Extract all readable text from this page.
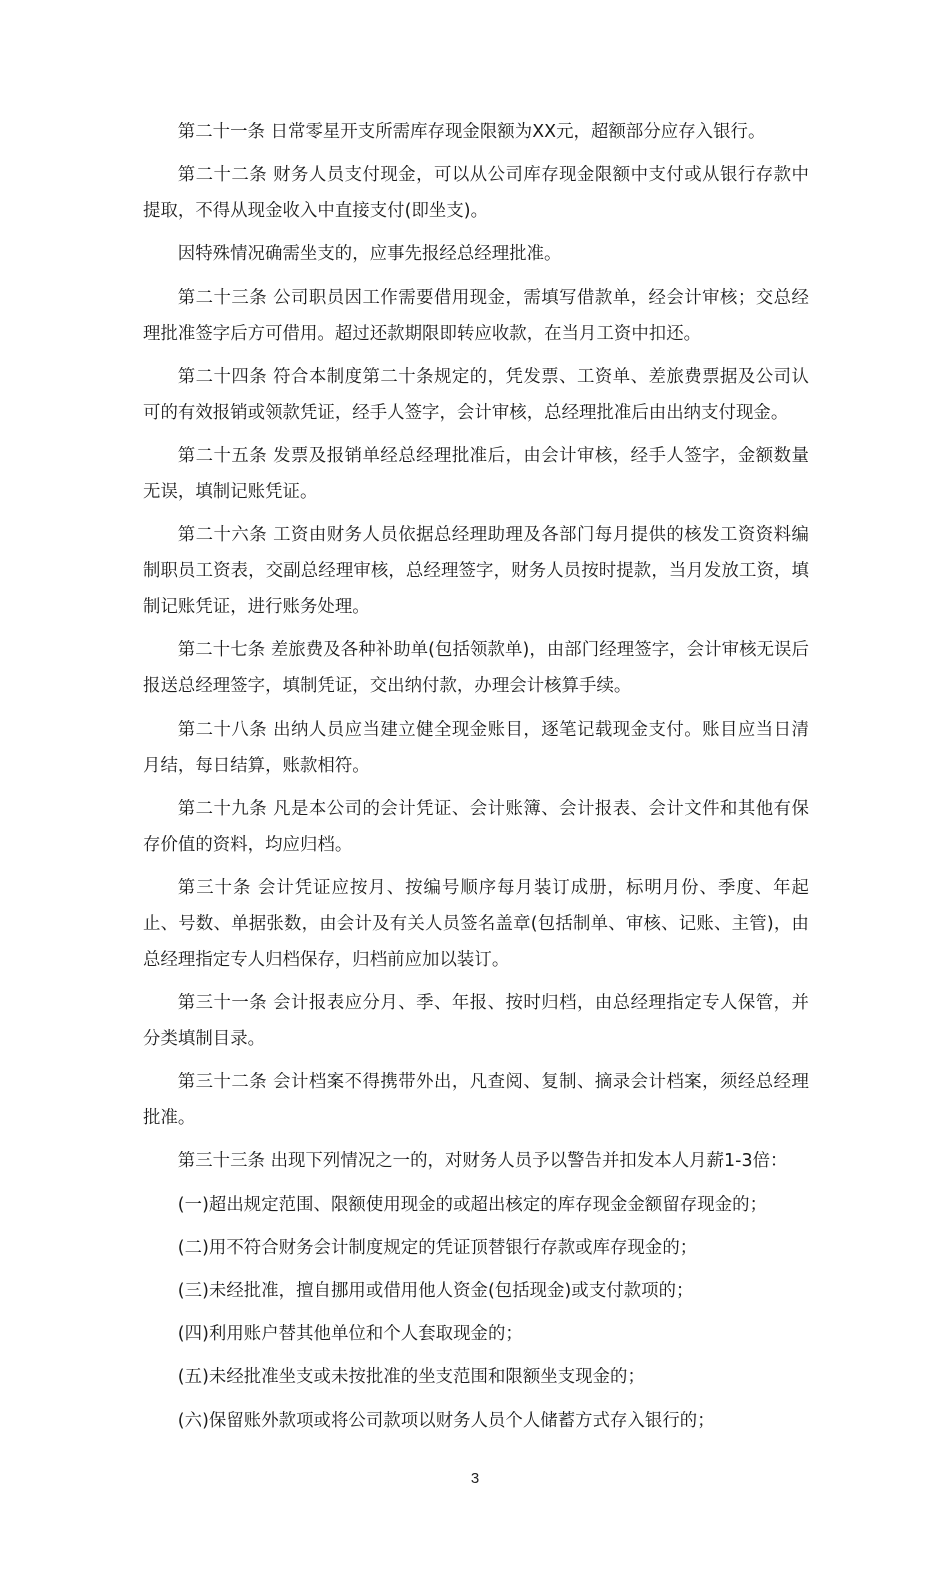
第二十一条 日常零星开支所需库存现金限额为XX元，超额部分应存入银行。

第二十二条 财务人员支付现金，可以从公司库存现金限额中支付或从银行存款中提取，不得从现金收入中直接支付(即坐支)。

因特殊情况确需坐支的，应事先报经总经理批准。

第二十三条 公司职员因工作需要借用现金，需填写借款单，经会计审核；交总经理批准签字后方可借用。超过还款期限即转应收款，在当月工资中扣还。

第二十四条 符合本制度第二十条规定的，凭发票、工资单、差旅费票据及公司认可的有效报销或领款凭证，经手人签字，会计审核，总经理批准后由出纳支付现金。

第二十五条 发票及报销单经总经理批准后，由会计审核，经手人签字，金额数量无误，填制记账凭证。

第二十六条 工资由财务人员依据总经理助理及各部门每月提供的核发工资资料编制职员工资表，交副总经理审核，总经理签字，财务人员按时提款，当月发放工资，填制记账凭证，进行账务处理。

第二十七条 差旅费及各种补助单(包括领款单)，由部门经理签字，会计审核无误后报送总经理签字，填制凭证，交出纳付款，办理会计核算手续。

第二十八条 出纳人员应当建立健全现金账目，逐笔记载现金支付。账目应当日清月结，每日结算，账款相符。

第二十九条 凡是本公司的会计凭证、会计账簿、会计报表、会计文件和其他有保存价值的资料，均应归档。

第三十条 会计凭证应按月、按编号顺序每月装订成册，标明月份、季度、年起止、号数、单据张数，由会计及有关人员签名盖章(包括制单、审核、记账、主管)，由总经理指定专人归档保存，归档前应加以装订。

第三十一条 会计报表应分月、季、年报、按时归档，由总经理指定专人保管，并分类填制目录。

第三十二条 会计档案不得携带外出，凡查阅、复制、摘录会计档案，须经总经理批准。

第三十三条 出现下列情况之一的，对财务人员予以警告并扣发本人月薪1-3倍：

(一)超出规定范围、限额使用现金的或超出核定的库存现金金额留存现金的；

(二)用不符合财务会计制度规定的凭证顶替银行存款或库存现金的；

(三)未经批准，擅自挪用或借用他人资金(包括现金)或支付款项的；

(四)利用账户替其他单位和个人套取现金的；

(五)未经批准坐支或未按批准的坐支范围和限额坐支现金的；

(六)保留账外款项或将公司款项以财务人员个人储蓄方式存入银行的；

3
